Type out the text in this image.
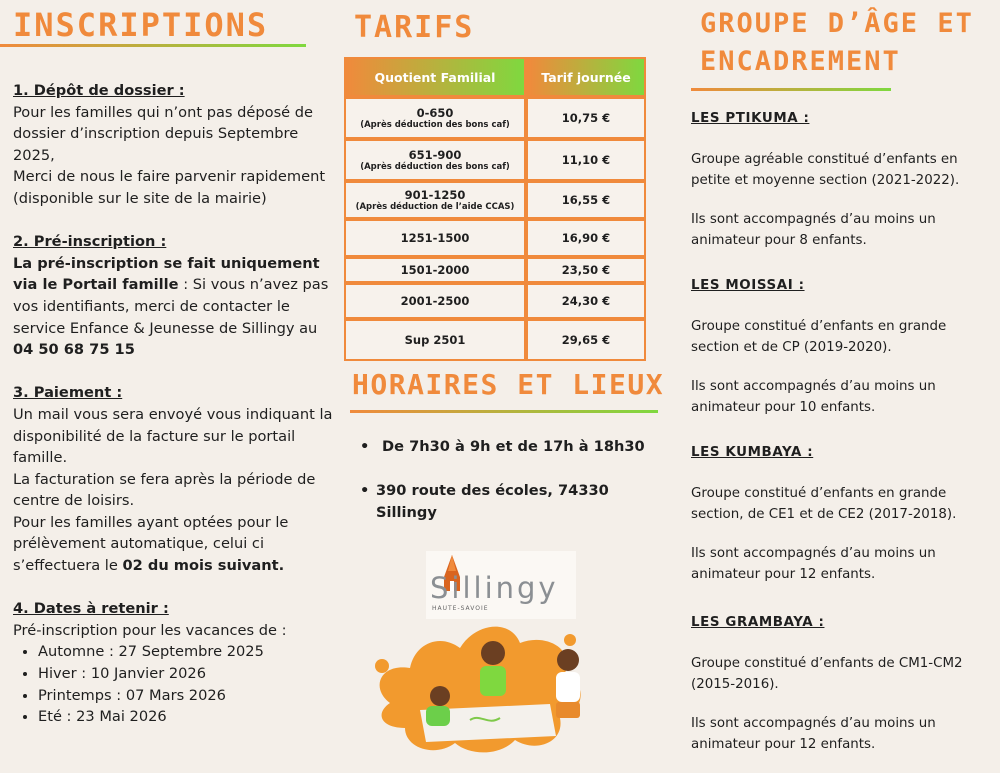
INSCRIPTIONS
1. Dépôt de dossier :

Pour les familles qui n’ont pas déposé de dossier d’inscription depuis Septembre 2025,

Merci de nous le faire parvenir rapidement (disponible sur le site de la mairie)

2. Pré-inscription :

La pré-inscription se fait uniquement via le Portail famille : Si vous n’avez pas vos identifiants, merci de contacter le service Enfance & Jeunesse de Sillingy au 04 50 68 75 15

3. Paiement :

Un mail vous sera envoyé vous indiquant la disponibilité de la facture sur le portail famille.

La facturation se fera après la période de centre de loisirs.

Pour les familles ayant optées pour le prélèvement automatique, celui ci s’effectuera le 02 du mois suivant.

4. Dates à retenir :

Pré-inscription pour les vacances de :

• Automne : 27 Septembre 2025
• Hiver : 10 Janvier 2026
• Printemps : 07 Mars 2026
• Eté : 23 Mai 2026
TARIFS
Quotient Familial	Tarif journée
0-650
(Après déduction des bons caf)	10,75 €
651-900
(Après déduction des bons caf)	11,10 €
901-1250
(Après déduction de l’aide CCAS)	16,55 €
1251-1500	16,90 €
1501-2000	23,50 €
2001-2500	24,30 €
Sup 2501	29,65 €
HORAIRES ET LIEUX
• De 7h30 à 9h et de 17h à 18h30
• 390 route des écoles, 74330 Sillingy
Sillingy
HAUTE-SAVOIE
GROUPE D’ÂGE ET
ENCADREMENT
LES PTIKUMA :

Groupe agréable constitué d’enfants en petite et moyenne section (2021-2022).

Ils sont accompagnés d’au moins un animateur pour 8 enfants.

LES MOISSAI :

Groupe constitué d’enfants en grande section et de CP (2019-2020).

Ils sont accompagnés d’au moins un animateur pour 10 enfants.

LES KUMBAYA :

Groupe constitué d’enfants en grande section, de CE1 et de CE2 (2017-2018).

Ils sont accompagnés d’au moins un animateur pour 12 enfants.

LES GRAMBAYA :

Groupe constitué d’enfants de CM1-CM2 (2015-2016).

Ils sont accompagnés d’au moins un animateur pour 12 enfants.
